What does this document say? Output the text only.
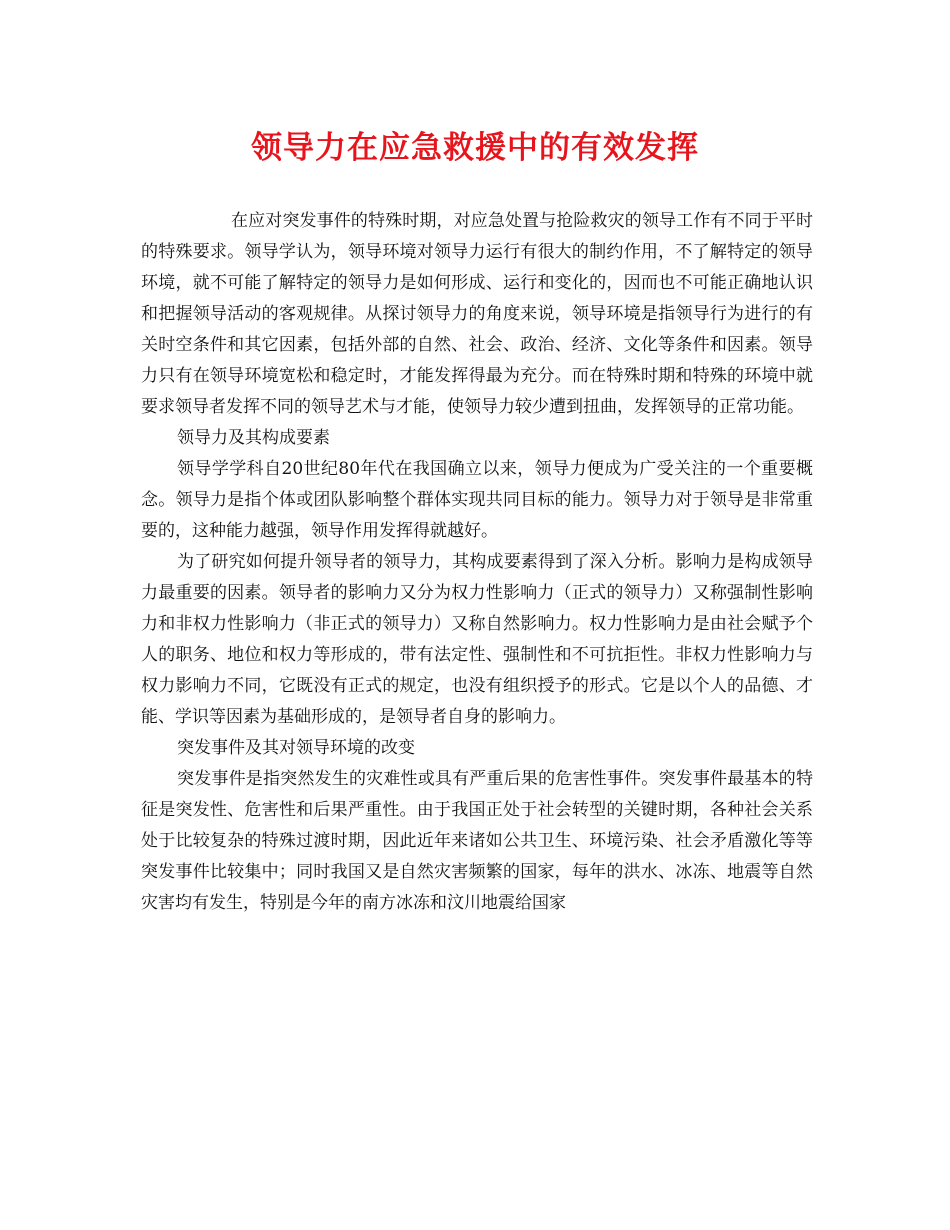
领导力在应急救援中的有效发挥

在应对突发事件的特殊时期，对应急处置与抢险救灾的领导工作有不同于平时的特殊要求。领导学认为，领导环境对领导力运行有很大的制约作用，不了解特定的领导环境，就不可能了解特定的领导力是如何形成、运行和变化的，因而也不可能正确地认识和把握领导活动的客观规律。从探讨领导力的角度来说，领导环境是指领导行为进行的有关时空条件和其它因素，包括外部的自然、社会、政治、经济、文化等条件和因素。领导力只有在领导环境宽松和稳定时，才能发挥得最为充分。而在特殊时期和特殊的环境中就要求领导者发挥不同的领导艺术与才能，使领导力较少遭到扭曲，发挥领导的正常功能。

领导力及其构成要素

领导学学科自20世纪80年代在我国确立以来，领导力便成为广受关注的一个重要概念。领导力是指个体或团队影响整个群体实现共同目标的能力。领导力对于领导是非常重要的，这种能力越强，领导作用发挥得就越好。

为了研究如何提升领导者的领导力，其构成要素得到了深入分析。影响力是构成领导力最重要的因素。领导者的影响力又分为权力性影响力（正式的领导力）又称强制性影响力和非权力性影响力（非正式的领导力）又称自然影响力。权力性影响力是由社会赋予个人的职务、地位和权力等形成的，带有法定性、强制性和不可抗拒性。非权力性影响力与权力影响力不同，它既没有正式的规定，也没有组织授予的形式。它是以个人的品德、才能、学识等因素为基础形成的，是领导者自身的影响力。

突发事件及其对领导环境的改变

突发事件是指突然发生的灾难性或具有严重后果的危害性事件。突发事件最基本的特征是突发性、危害性和后果严重性。由于我国正处于社会转型的关键时期，各种社会关系处于比较复杂的特殊过渡时期，因此近年来诸如公共卫生、环境污染、社会矛盾激化等等突发事件比较集中；同时我国又是自然灾害频繁的国家，每年的洪水、冰冻、地震等自然灾害均有发生，特别是今年的南方冰冻和汶川地震给国家
